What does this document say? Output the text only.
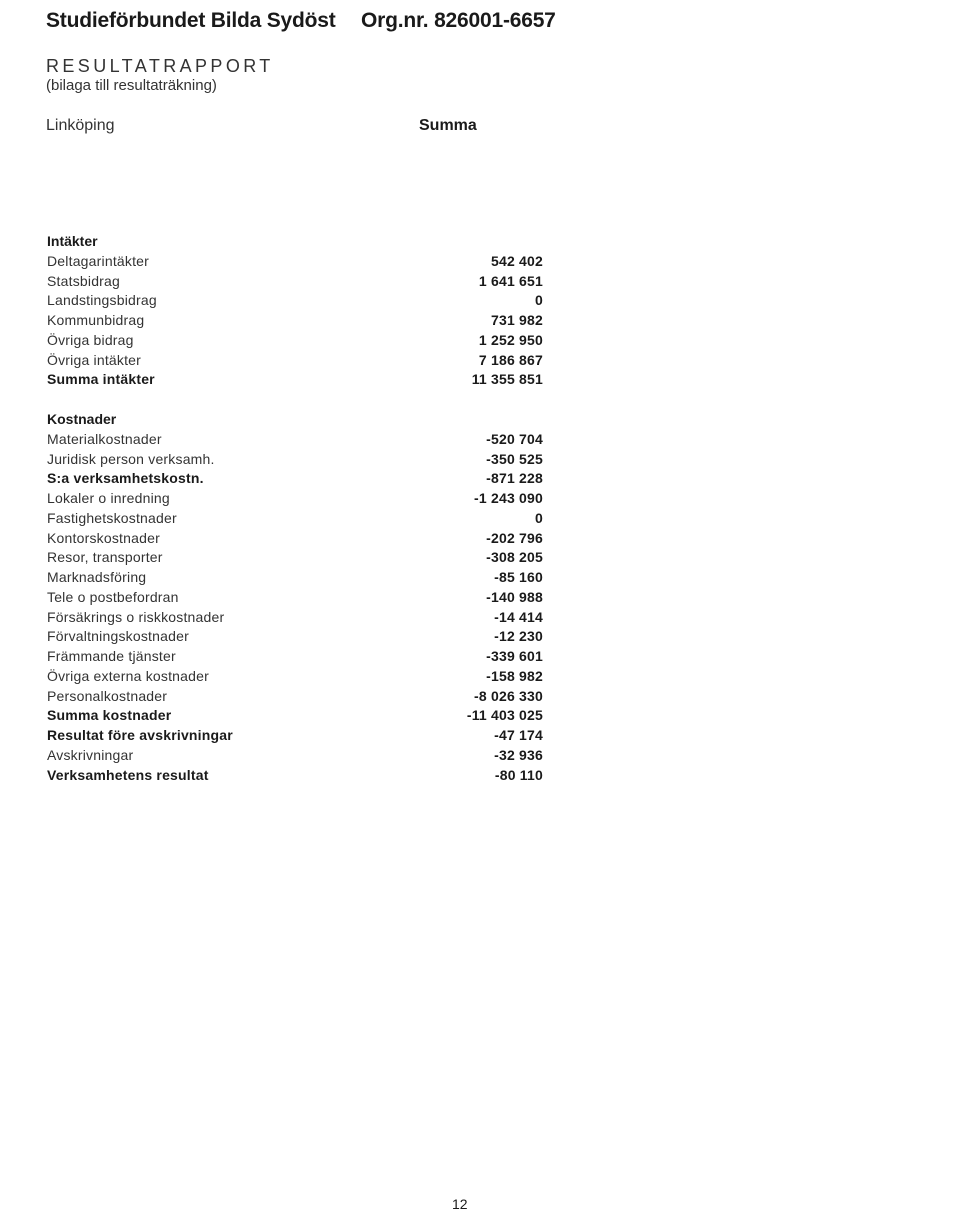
Studieförbundet Bilda Sydöst Org.nr. 826001-6657
RESULTATRAPPORT
(bilaga till resultaträkning)
Linköping	Summa
Intäkter
Deltagarintäkter	542 402
Statsbidrag	1 641 651
Landstingsbidrag	0
Kommunbidrag	731 982
Övriga bidrag	1 252 950
Övriga intäkter	7 186 867
Summa intäkter	11 355 851
Kostnader
Materialkostnader	-520 704
Juridisk person verksamh.	-350 525
S:a verksamhetskostn.	-871 228
Lokaler o inredning	-1 243 090
Fastighetskostnader	0
Kontorskostnader	-202 796
Resor, transporter	-308 205
Marknadsföring	-85 160
Tele o postbefordran	-140 988
Försäkrings o riskkostnader	-14 414
Förvaltningskostnader	-12 230
Främmande tjänster	-339 601
Övriga externa kostnader	-158 982
Personalkostnader	-8 026 330
Summa kostnader	-11 403 025
Resultat före avskrivningar	-47 174
Avskrivningar	-32 936
Verksamhetens resultat	-80 110
12
